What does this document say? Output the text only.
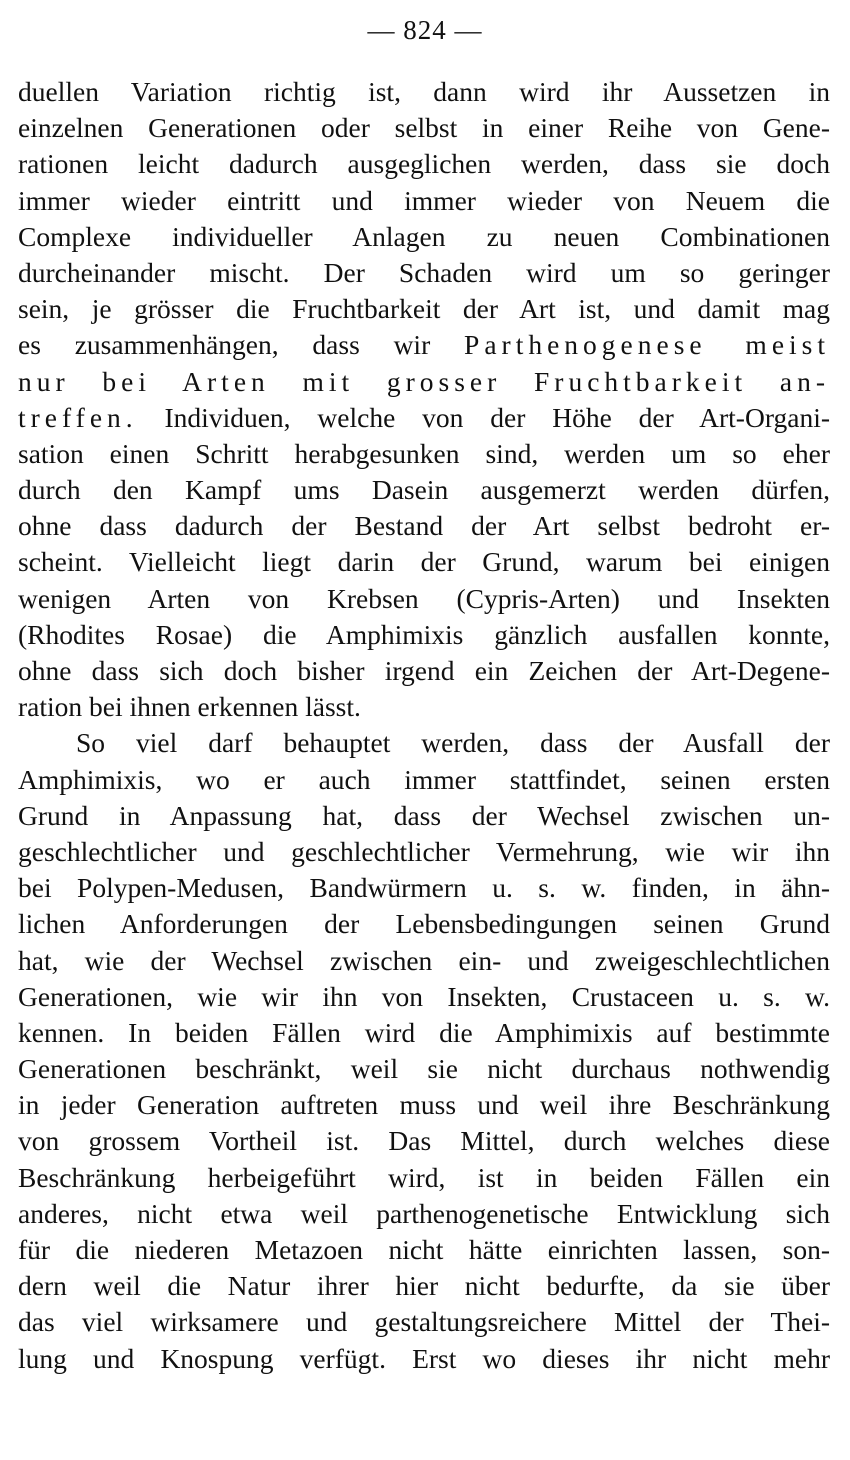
— 824 —
duellen Variation richtig ist, dann wird ihr Aussetzen in
einzelnen Generationen oder selbst in einer Reihe von Gene-
rationen leicht dadurch ausgeglichen werden, dass sie doch
immer wieder eintritt und immer wieder von Neuem die
Complexe individueller Anlagen zu neuen Combinationen
durcheinander mischt. Der Schaden wird um so geringer
sein, je grösser die Fruchtbarkeit der Art ist, und damit mag
es zusammenhängen, dass wir Parthenogenese meist
nur bei Arten mit grosser Fruchtbarkeit an-
treffen. Individuen, welche von der Höhe der Art-Organi-
sation einen Schritt herabgesunken sind, werden um so eher
durch den Kampf ums Dasein ausgemerzt werden dürfen,
ohne dass dadurch der Bestand der Art selbst bedroht er-
scheint. Vielleicht liegt darin der Grund, warum bei einigen
wenigen Arten von Krebsen (Cypris-Arten) und Insekten
(Rhodites Rosae) die Amphimixis gänzlich ausfallen konnte,
ohne dass sich doch bisher irgend ein Zeichen der Art-Degene-
ration bei ihnen erkennen lässt.
So viel darf behauptet werden, dass der Ausfall der
Amphimixis, wo er auch immer stattfindet, seinen ersten
Grund in Anpassung hat, dass der Wechsel zwischen un-
geschlechtlicher und geschlechtlicher Vermehrung, wie wir ihn
bei Polypen-Medusen, Bandwürmern u. s. w. finden, in ähn-
lichen Anforderungen der Lebensbedingungen seinen Grund
hat, wie der Wechsel zwischen ein- und zweigeschlechtlichen
Generationen, wie wir ihn von Insekten, Crustaceen u. s. w.
kennen. In beiden Fällen wird die Amphimixis auf bestimmte
Generationen beschränkt, weil sie nicht durchaus nothwendig
in jeder Generation auftreten muss und weil ihre Beschränkung
von grossem Vortheil ist. Das Mittel, durch welches diese
Beschränkung herbeigeführt wird, ist in beiden Fällen ein
anderes, nicht etwa weil parthenogenetische Entwicklung sich
für die niederen Metazoen nicht hätte einrichten lassen, son-
dern weil die Natur ihrer hier nicht bedurfte, da sie über
das viel wirksamere und gestaltungsreichere Mittel der Thei-
lung und Knospung verfügt. Erst wo dieses ihr nicht mehr
